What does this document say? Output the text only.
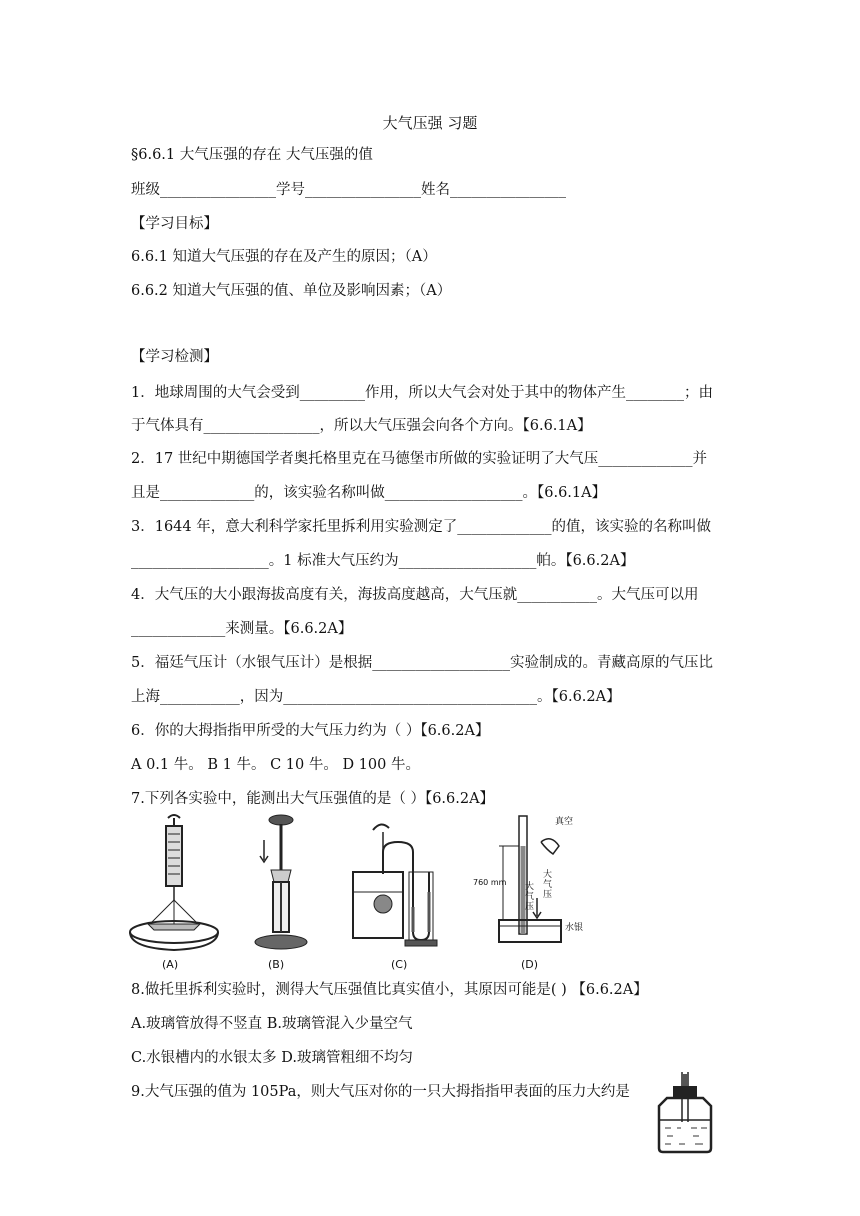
大气压强 习题
§6.6.1 大气压强的存在 大气压强的值
班级________________学号________________姓名________________
【学习目标】
6.6.1 知道大气压强的存在及产生的原因；（A）
6.6.2 知道大气压强的值、单位及影响因素；（A）
【学习检测】
1．地球周围的大气会受到_________作用，所以大气会对处于其中的物体产生________；由
于气体具有________________，所以大气压强会向各个方向。【6.6.1A】
2．17 世纪中期德国学者奥托格里克在马德堡市所做的实验证明了大气压_____________并
且是_____________的，该实验名称叫做___________________。【6.6.1A】
3．1644 年，意大利科学家托里拆利用实验测定了_____________的值，该实验的名称叫做
___________________。1 标准大气压约为___________________帕。【6.6.2A】
4．大气压的大小跟海拔高度有关，海拔高度越高，大气压就___________。大气压可以用
_____________来测量。【6.6.2A】
5．福廷气压计（水银气压计）是根据___________________实验制成的。青藏高原的气压比
上海___________，因为___________________________________。【6.6.2A】
6．你的大拇指指甲所受的大气压力约为（ ）【6.6.2A】
A 0.1 牛。 B 1 牛。 C 10 牛。 D 100 牛。
7.下列各实验中，能测出大气压强值的是（ ）【6.6.2A】
(A)	(B)	(C)
真空
760 mm 大气压
大气压
水银
(D)
8.做托里拆利实验时，测得大气压强值比真实值小，其原因可能是( ) 【6.6.2A】
A.玻璃管放得不竖直 B.玻璃管混入少量空气
C.水银槽内的水银太多 D.玻璃管粗细不均匀
9.大气压强的值为 105Pa，则大气压对你的一只大拇指指甲表面的压力大约是
